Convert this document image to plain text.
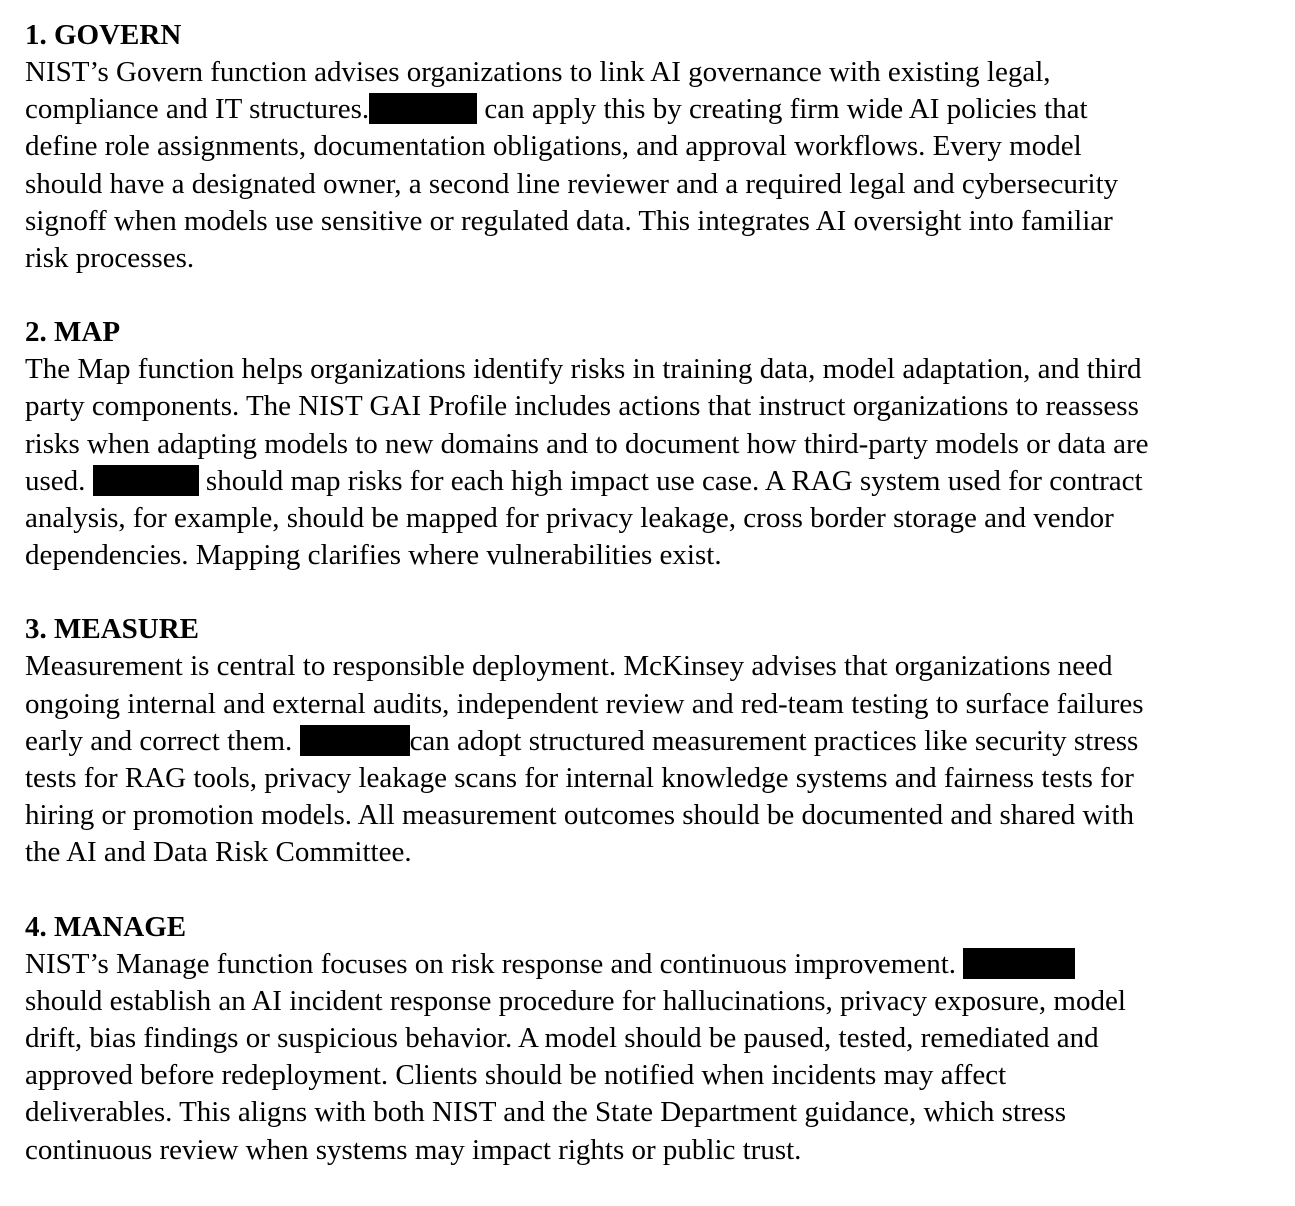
1. GOVERN
NIST’s Govern function advises organizations to link AI governance with existing legal,
compliance and IT structures.	can apply this by creating firm wide AI policies that
define role assignments, documentation obligations, and approval workflows. Every model
should have a designated owner, a second line reviewer and a required legal and cybersecurity
signoff when models use sensitive or regulated data. This integrates AI oversight into familiar
risk processes.
2. MAP
The Map function helps organizations identify risks in training data, model adaptation, and third
party components. The NIST GAI Profile includes actions that instruct organizations to reassess
risks when adapting models to new domains and to document how third-party models or data are
used.	should map risks for each high impact use case. A RAG system used for contract
analysis, for example, should be mapped for privacy leakage, cross border storage and vendor
dependencies. Mapping clarifies where vulnerabilities exist.
3. MEASURE
Measurement is central to responsible deployment. McKinsey advises that organizations need
ongoing internal and external audits, independent review and red-team testing to surface failures
early and correct them.	can adopt structured measurement practices like security stress
tests for RAG tools, privacy leakage scans for internal knowledge systems and fairness tests for
hiring or promotion models. All measurement outcomes should be documented and shared with
the AI and Data Risk Committee.
4. MANAGE
NIST’s Manage function focuses on risk response and continuous improvement.
should establish an AI incident response procedure for hallucinations, privacy exposure, model
drift, bias findings or suspicious behavior. A model should be paused, tested, remediated and
approved before redeployment. Clients should be notified when incidents may affect
deliverables. This aligns with both NIST and the State Department guidance, which stress
continuous review when systems may impact rights or public trust.
